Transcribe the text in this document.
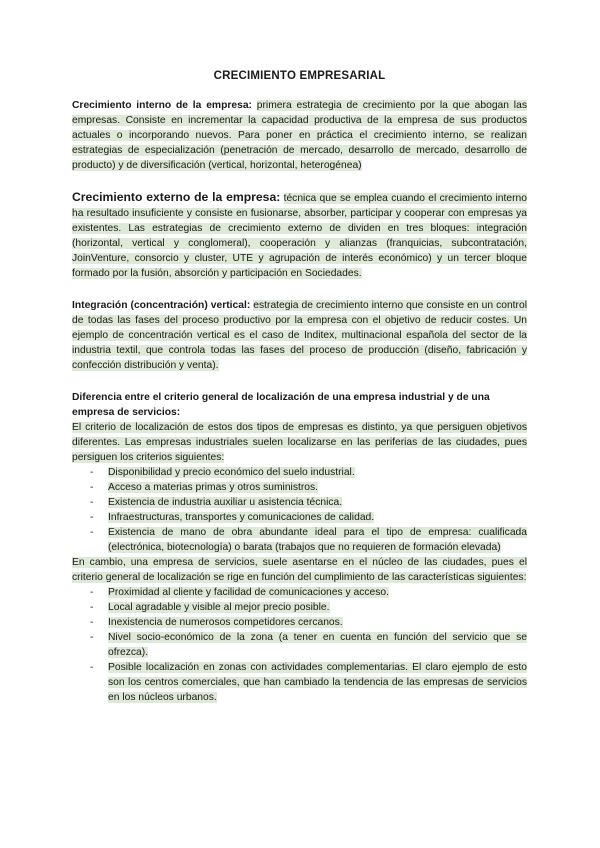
CRECIMIENTO EMPRESARIAL

Crecimiento interno de la empresa: primera estrategia de crecimiento por la que abogan las empresas. Consiste en incrementar la capacidad productiva de la empresa de sus productos actuales o incorporando nuevos. Para poner en práctica el crecimiento interno, se realizan estrategias de especialización (penetración de mercado, desarrollo de mercado, desarrollo de producto) y de diversificación (vertical, horizontal, heterogénea)

Crecimiento externo de la empresa: técnica que se emplea cuando el crecimiento interno ha resultado insuficiente y consiste en fusionarse, absorber, participar y cooperar con empresas ya existentes. Las estrategias de crecimiento externo de dividen en tres bloques: integración (horizontal, vertical y conglomeral), cooperación y alianzas (franquicias, subcontratación, JoinVenture, consorcio y cluster, UTE y agrupación de interés económico) y un tercer bloque formado por la fusión, absorción y participación en Sociedades.

Integración (concentración) vertical: estrategia de crecimiento interno que consiste en un control de todas las fases del proceso productivo por la empresa con el objetivo de reducir costes. Un ejemplo de concentración vertical es el caso de Inditex, multinacional española del sector de la industria textil, que controla todas las fases del proceso de producción (diseño, fabricación y confección distribución y venta).

Diferencia entre el criterio general de localización de una empresa industrial y de una empresa de servicios:

El criterio de localización de estos dos tipos de empresas es distinto, ya que persiguen objetivos diferentes. Las empresas industriales suelen localizarse en las periferias de las ciudades, pues persiguen los criterios siguientes:

- Disponibilidad y precio económico del suelo industrial.
- Acceso a materias primas y otros suministros.
- Existencia de industria auxiliar u asistencia técnica.
- Infraestructuras, transportes y comunicaciones de calidad.
- Existencia de mano de obra abundante ideal para el tipo de empresa: cualificada (electrónica, biotecnología) o barata (trabajos que no requieren de formación elevada)

En cambio, una empresa de servicios, suele asentarse en el núcleo de las ciudades, pues el criterio general de localización se rige en función del cumplimiento de las características siguientes:

- Proximidad al cliente y facilidad de comunicaciones y acceso.
- Local agradable y visible al mejor precio posible.
- Inexistencia de numerosos competidores cercanos.
- Nivel socio-económico de la zona (a tener en cuenta en función del servicio que se ofrezca).
- Posible localización en zonas con actividades complementarias. El claro ejemplo de esto son los centros comerciales, que han cambiado la tendencia de las empresas de servicios en los núcleos urbanos.
